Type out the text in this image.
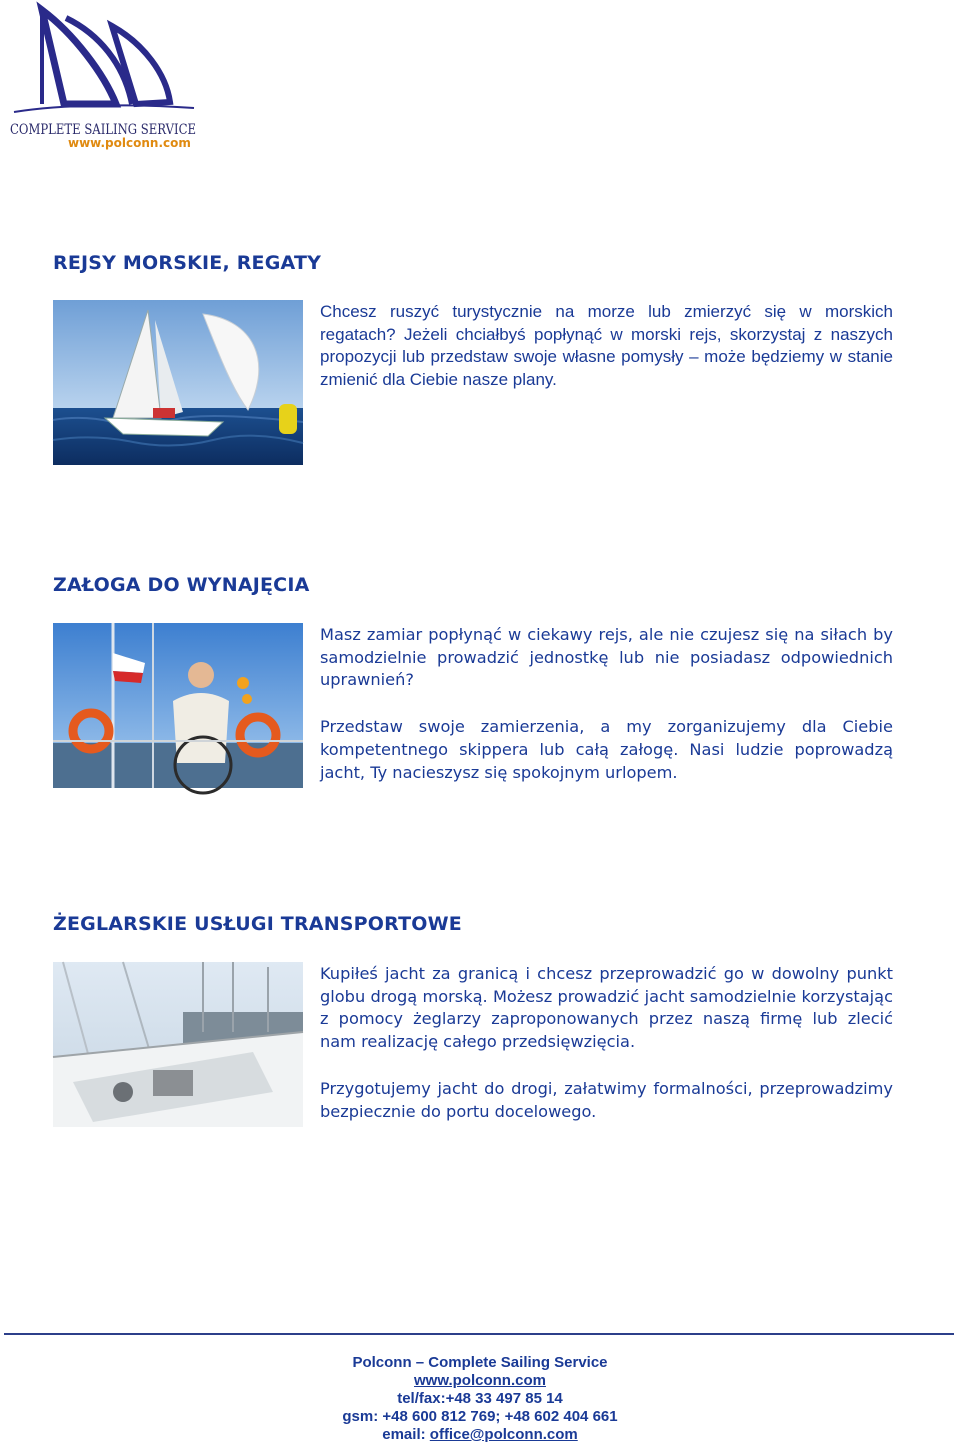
COMPLETE SAILING SERVICE
www.polconn.com
REJSY MORSKIE, REGATY

Chcesz ruszyć turystycznie na morze lub zmierzyć się w morskich regatach? Jeżeli chciałbyś popłynąć w morski rejs, skorzystaj z naszych propozycji lub przedstaw swoje własne pomysły – może będziemy w stanie zmienić dla Ciebie nasze plany.

ZAŁOGA DO WYNAJĘCIA

Masz zamiar popłynąć w ciekawy rejs, ale nie czujesz się na siłach by samodzielnie prowadzić jednostkę lub nie posiadasz odpowiednich uprawnień?

Przedstaw swoje zamierzenia, a my zorganizujemy dla Ciebie kompetentnego skippera lub całą załogę. Nasi ludzie poprowadzą jacht, Ty nacieszysz się spokojnym urlopem.

ŻEGLARSKIE USŁUGI TRANSPORTOWE

Kupiłeś jacht za granicą i chcesz przeprowadzić go w dowolny punkt globu drogą morską. Możesz prowadzić jacht samodzielnie korzystając z pomocy żeglarzy zaproponowanych przez naszą firmę lub zlecić nam realizację całego przedsięwzięcia.

Przygotujemy jacht do drogi, załatwimy formalności, przeprowadzimy bezpiecznie do portu docelowego.

Polconn – Complete Sailing Service
www.polconn.com
tel/fax:+48 33 497 85 14
gsm: +48 600 812 769; +48 602 404 661
email: office@polconn.com
